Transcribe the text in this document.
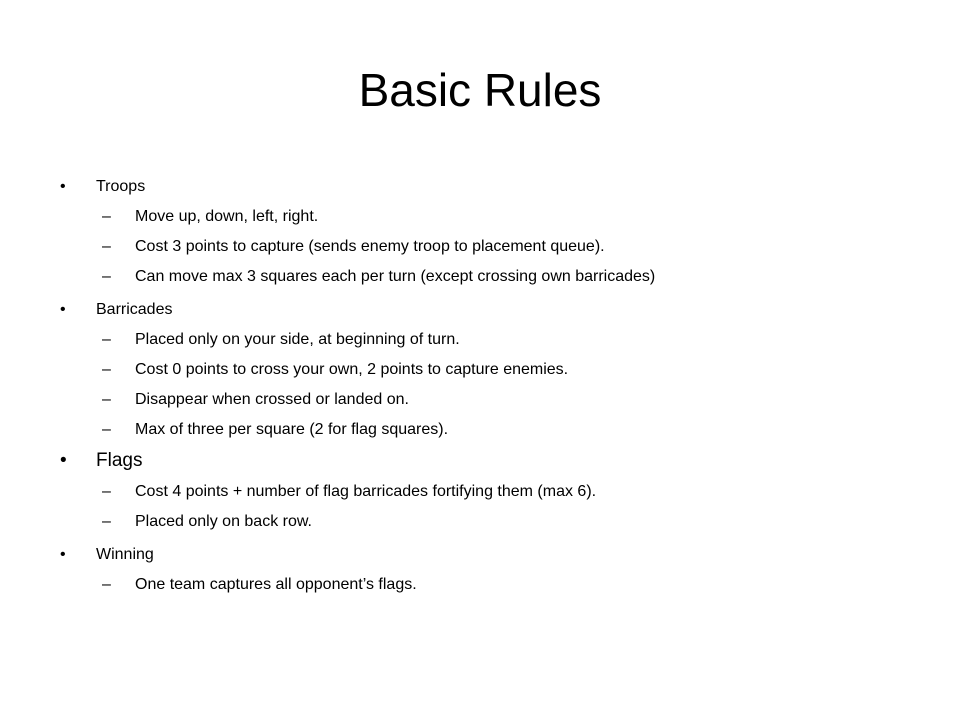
Basic Rules
•	Troops
– Move up, down, left, right.
– Cost 3 points to capture (sends enemy troop to placement queue).
– Can move max 3 squares each per turn (except crossing own barricades)
•	Barricades
– Placed only on your side, at beginning of turn.
– Cost 0 points to cross your own, 2 points to capture enemies.
– Disappear when crossed or landed on.
– Max of three per square (2 for flag squares).
•	Flags
– Cost 4 points + number of flag barricades fortifying them (max 6).
– Placed only on back row.
•	Winning
– One team captures all opponent’s flags.
